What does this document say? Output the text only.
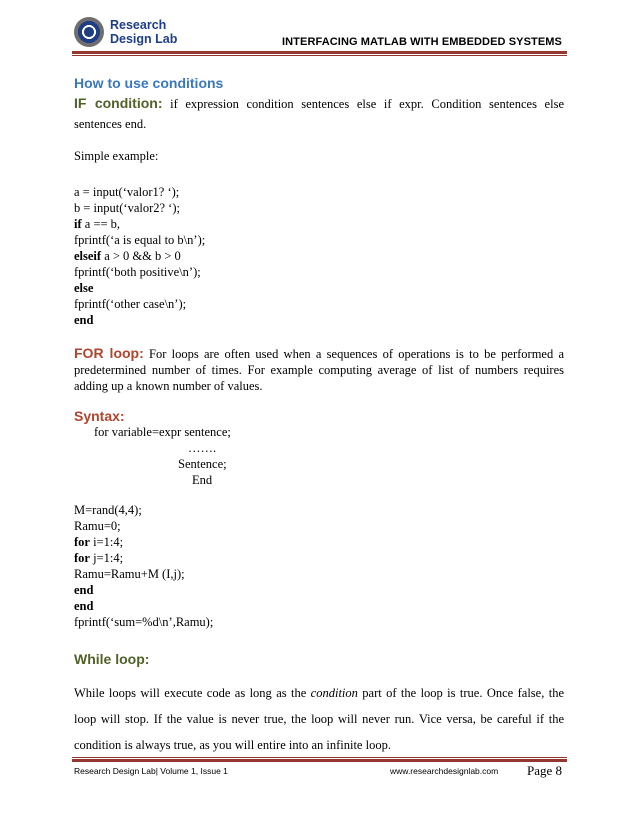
Research
Design Lab	INTERFACING MATLAB WITH EMBEDDED SYSTEMS
How to use conditions
IF condition: if expression condition sentences else if expr. Condition sentences else sentences end.
Simple example:
a = input(‘valor1? ‘);
b = input(‘valor2? ‘);
if a == b,
fprintf(‘a is equal to b\n’);
elseif a > 0 && b > 0
fprintf(‘both positive\n’);
else
fprintf(‘other case\n’);
end
FOR loop: For loops are often used when a sequences of operations is to be performed a predetermined number of times. For example computing average of list of numbers requires adding up a known number of values.
Syntax:
for variable=expr sentence;
…….
Sentence;
End
M=rand(4,4);
Ramu=0;
for i=1:4;
for j=1:4;
Ramu=Ramu+M (I,j);
end
end
fprintf(‘sum=%d\n’,Ramu);
While loop:
While loops will execute code as long as the condition part of the loop is true. Once false, the loop will stop. If the value is never true, the loop will never run. Vice versa, be careful if the condition is always true, as you will entire into an infinite loop.
Research Design Lab| Volume 1, Issue 1	www.researchdesignlab.com Page 8
